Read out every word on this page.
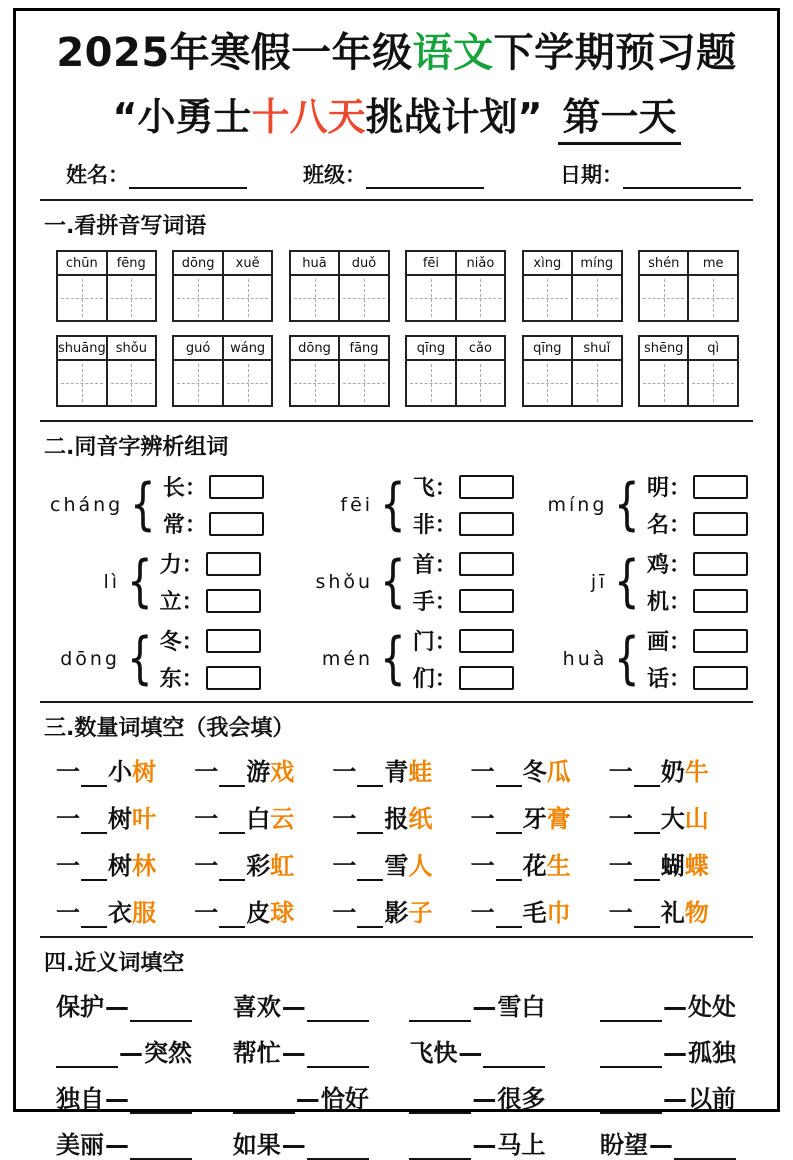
2025年寒假一年级语文下学期预习题
“小勇士十八天挑战计划” 第一天
姓名：	班级：	日期：
一.看拼音写词语
chūn	fēng	dōng	xuě	huā	duǒ	fēi	niǎo	xìng	míng	shén	me
shuāng shǒu	guó	wáng	dōng	fāng	qīng	cǎo	qīng	shuǐ	shēng	qì
二.同音字辨析组词
cháng { 长：
常：
fēi { 飞：
非：
míng { 明：
名：
lì { 力：
立：
shǒu { 首：
手：
jī { 鸡：
机：
dōng { 冬：
东：
mén { 门：
们：
huà { 画：
话：
三.数量词填空（我会填）
一 小树	一 游戏	一 青蛙	一 冬瓜	一 奶牛
一 树叶	一 白云	一 报纸	一 牙膏	一 大山
一 树林	一 彩虹	一 雪人	一 花生	一 蝴蝶
一 衣服	一 皮球	一 影子	一 毛巾	一 礼物
四.近义词填空
保护—	喜欢—	—雪白	—处处
—突然	帮忙—	飞快—	—孤独
独自—	—恰好	—很多	—以前
美丽—	如果—	—马上	盼望—
